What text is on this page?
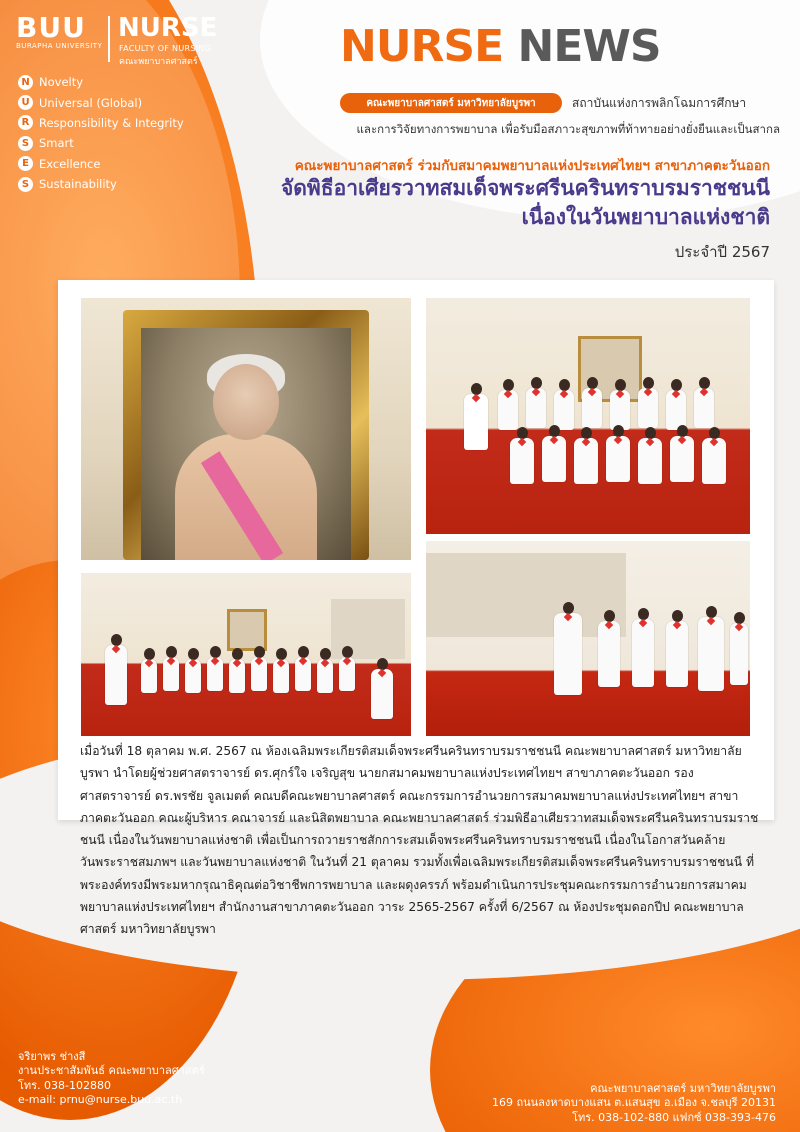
BUU
BURAPHA UNIVERSITY
NURSE
FACULTY OF NURSING
คณะพยาบาลศาสตร์
N Novelty
U Universal (Global)
R Responsibility & Integrity
S Smart
E Excellence
S Sustainability
NURSE NEWS
คณะพยาบาลศาสตร์ มหาวิทยาลัยบูรพา	สถาบันแห่งการพลิกโฉมการศึกษา
และการวิจัยทางการพยาบาล เพื่อรับมือสภาวะสุขภาพที่ท้าทายอย่างยั่งยืนและเป็นสากล
คณะพยาบาลศาสตร์ ร่วมกับสมาคมพยาบาลแห่งประเทศไทยฯ สาขาภาคตะวันออก
จัดพิธีอาเศียรวาทสมเด็จพระศรีนครินทราบรมราชชนนี
เนื่องในวันพยาบาลแห่งชาติ
ประจำปี 2567
เมื่อวันที่ 18 ตุลาคม พ.ศ. 2567 ณ ห้องเฉลิมพระเกียรติสมเด็จพระศรีนครินทราบรมราชชนนี คณะพยาบาลศาสตร์ มหาวิทยาลัยบูรพา นำโดยผู้ช่วยศาสตราจารย์ ดร.ศุกร์ใจ เจริญสุข นายกสมาคมพยาบาลแห่งประเทศไทยฯ สาขาภาคตะวันออก รองศาสตราจารย์ ดร.พรชัย จูลเมตต์ คณบดีคณะพยาบาลศาสตร์ คณะกรรมการอำนวยการสมาคมพยาบาลแห่งประเทศไทยฯ สาขาภาคตะวันออก คณะผู้บริหาร คณาจารย์ และนิสิตพยาบาล คณะพยาบาลศาสตร์ ร่วมพิธีอาเศียรวาทสมเด็จพระศรีนครินทราบรมราชชนนี เนื่องในวันพยาบาลแห่งชาติ เพื่อเป็นการถวายราชสักการะสมเด็จพระศรีนครินทราบรมราชชนนี เนื่องในโอกาสวันคล้ายวันพระราชสมภพฯ และวันพยาบาลแห่งชาติ ในวันที่ 21 ตุลาคม รวมทั้งเพื่อเฉลิมพระเกียรติสมเด็จพระศรีนครินทราบรมราชชนนี ที่พระองค์ทรงมีพระมหากรุณาธิคุณต่อวิชาชีพการพยาบาล และผดุงครรภ์ พร้อมดำเนินการประชุมคณะกรรมการอำนวยการสมาคมพยาบาลแห่งประเทศไทยฯ สำนักงานสาขาภาคตะวันออก วาระ 2565-2567 ครั้งที่ 6/2567 ณ ห้องประชุมดอกปีป คณะพยาบาลศาสตร์ มหาวิทยาลัยบูรพา
จริยาพร ช่างสี
งานประชาสัมพันธ์ คณะพยาบาลศาสตร์
โทร. 038-102880
e-mail: prnu@nurse.buu.ac.th
คณะพยาบาลศาสตร์ มหาวิทยาลัยบูรพา
169 ถนนลงหาดบางแสน ต.แสนสุข อ.เมือง จ.ชลบุรี 20131
โทร. 038-102-880 แฟกซ์ 038-393-476
